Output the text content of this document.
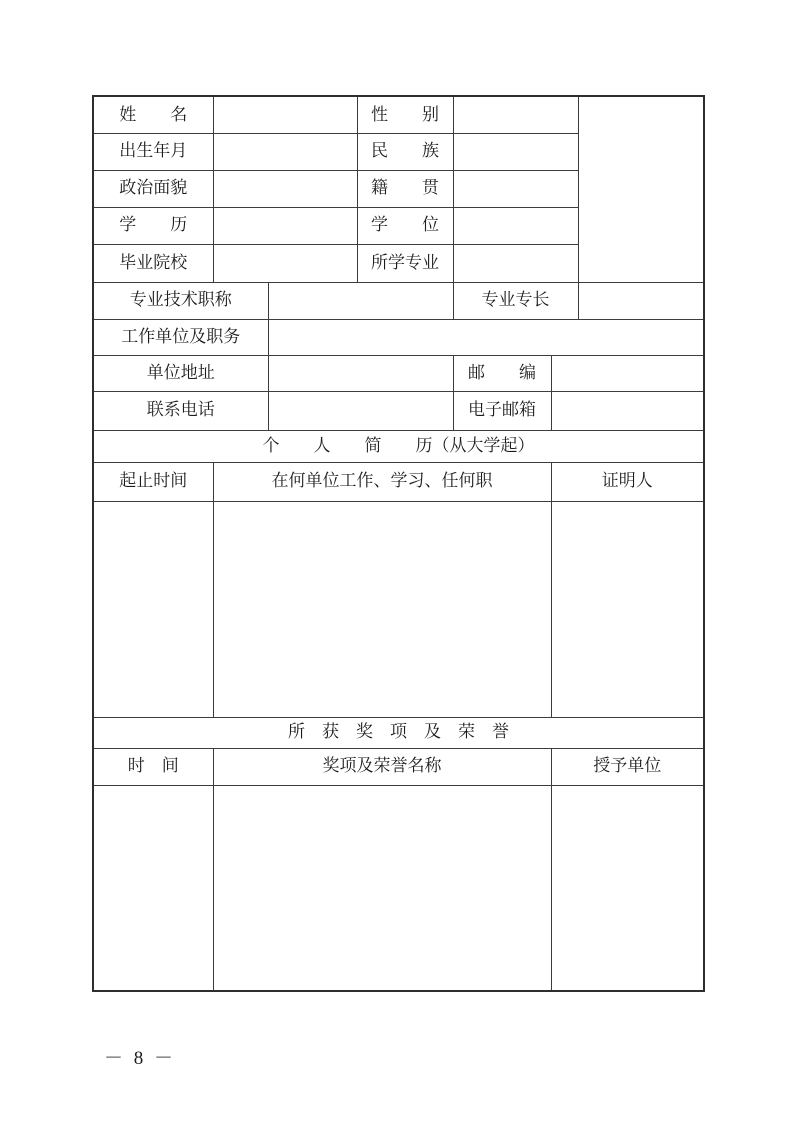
姓　　名			性　　别			
出生年月			民　　族			
政治面貌			籍　　贯			
学　　历			学　　位			
毕业院校			所学专业			
专业技术职称				专业专长		
工作单位及职务						
单位地址				邮　　编		
联系电话				电子邮箱		
个　　人　　简　　历（从大学起）						
起止时间	在何单位工作、学习、任何职				证明人	

所　获　奖　项　及　荣　誉						
时　间	奖项及荣誉名称				授予单位	

－ 8 －
